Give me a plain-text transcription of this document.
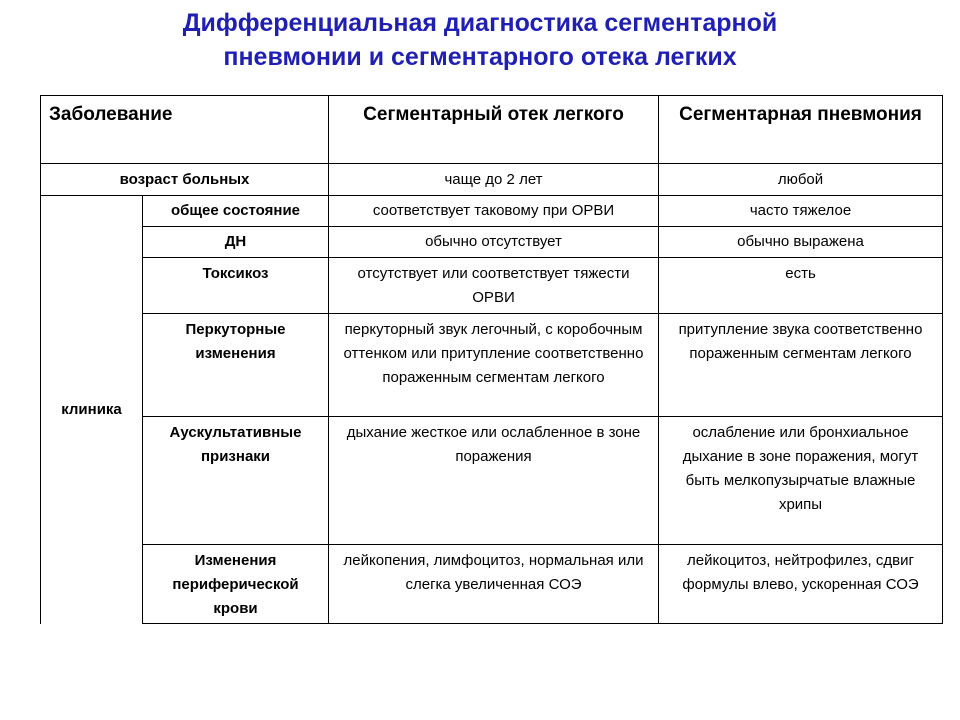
Дифференциальная диагностика сегментарной
пневмонии и сегментарного отека легких
Заболевание		Сегментарный отек легкого	Сегментарная пневмония
возраст больных		чаще до 2 лет	любой
клиника	общее состояние	соответствует таковому при ОРВИ	часто тяжелое
	ДН	обычно отсутствует	обычно выражена
	Токсикоз	отсутствует или соответствует тяжести ОРВИ	есть
	Перкуторные изменения	перкуторный звук легочный, с коробочным оттенком или притупление соответственно пораженным сегментам легкого	притупление звука соответственно пораженным сегментам легкого
	Аускультативные признаки	дыхание жесткое или ослабленное в зоне поражения	ослабление или бронхиальное дыхание в зоне поражения, могут быть мелкопузырчатые влажные хрипы
	Изменения периферической крови	лейкопения, лимфоцитоз, нормальная или слегка увеличенная СОЭ	лейкоцитоз, нейтрофилез, сдвиг формулы влево, ускоренная СОЭ
